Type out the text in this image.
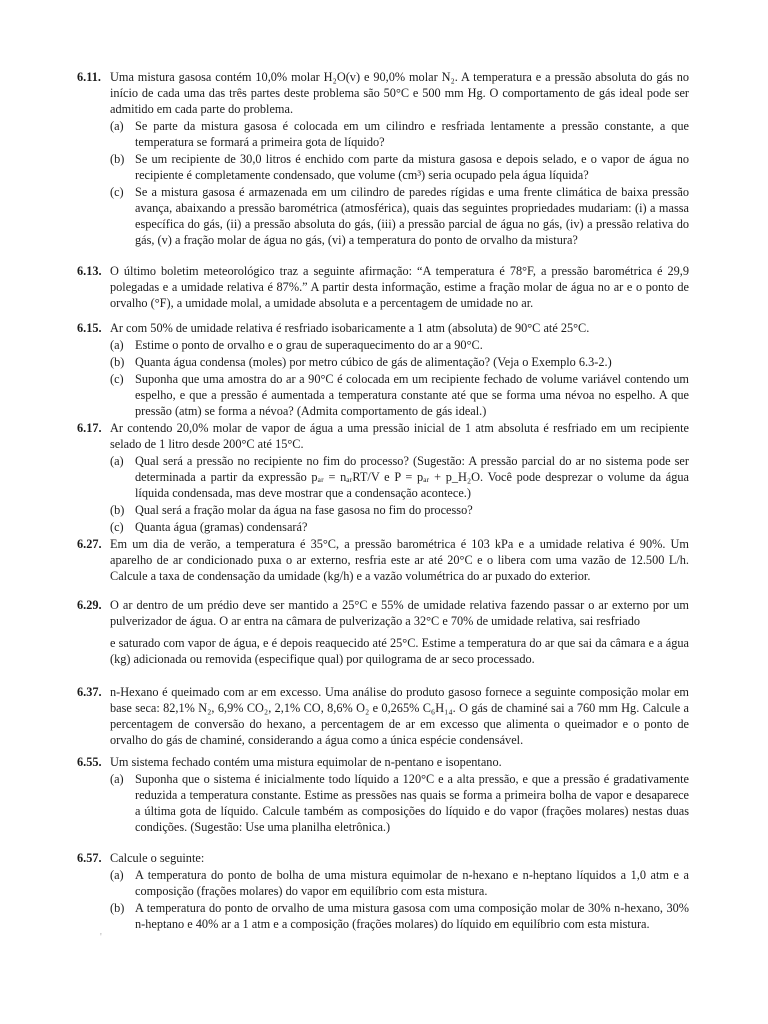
6.11. Uma mistura gasosa contém 10,0% molar H₂O(v) e 90,0% molar N₂. A temperatura e a pressão absoluta do gás no início de cada uma das três partes deste problema são 50°C e 500 mm Hg. O comportamento de gás ideal pode ser admitido em cada parte do problema.
(a) Se parte da mistura gasosa é colocada em um cilindro e resfriada lentamente a pressão constante, a que temperatura se formará a primeira gota de líquido?
(b) Se um recipiente de 30,0 litros é enchido com parte da mistura gasosa e depois selado, e o vapor de água no recipiente é completamente condensado, que volume (cm³) seria ocupado pela água líquida?
(c) Se a mistura gasosa é armazenada em um cilindro de paredes rígidas e uma frente climática de baixa pressão avança, abaixando a pressão barométrica (atmosférica), quais das seguintes propriedades mudariam: (i) a massa específica do gás, (ii) a pressão absoluta do gás, (iii) a pressão parcial de água no gás, (iv) a pressão relativa do gás, (v) a fração molar de água no gás, (vi) a temperatura do ponto de orvalho da mistura?
6.13. O último boletim meteorológico traz a seguinte afirmação: “A temperatura é 78°F, a pressão barométrica é 29,9 polegadas e a umidade relativa é 87%.” A partir desta informação, estime a fração molar de água no ar e o ponto de orvalho (°F), a umidade molal, a umidade absoluta e a percentagem de umidade no ar.
6.15. Ar com 50% de umidade relativa é resfriado isobaricamente a 1 atm (absoluta) de 90°C até 25°C.
(a) Estime o ponto de orvalho e o grau de superaquecimento do ar a 90°C.
(b) Quanta água condensa (moles) por metro cúbico de gás de alimentação? (Veja o Exemplo 6.3-2.)
(c) Suponha que uma amostra do ar a 90°C é colocada em um recipiente fechado de volume variável contendo um espelho, e que a pressão é aumentada a temperatura constante até que se forma uma névoa no espelho. A que pressão (atm) se forma a névoa? (Admita comportamento de gás ideal.)
6.17. Ar contendo 20,0% molar de vapor de água a uma pressão inicial de 1 atm absoluta é resfriado em um recipiente selado de 1 litro desde 200°C até 15°C.
(a) Qual será a pressão no recipiente no fim do processo? (Sugestão: A pressão parcial do ar no sistema pode ser determinada a partir da expressão pₐᵣ = nₐᵣRT/V e P = pₐᵣ + p_H₂O. Você pode desprezar o volume da água líquida condensada, mas deve mostrar que a condensação acontece.)
(b) Qual será a fração molar da água na fase gasosa no fim do processo?
(c) Quanta água (gramas) condensará?
6.27. Em um dia de verão, a temperatura é 35°C, a pressão barométrica é 103 kPa e a umidade relativa é 90%. Um aparelho de ar condicionado puxa o ar externo, resfria este ar até 20°C e o libera com uma vazão de 12.500 L/h. Calcule a taxa de condensação da umidade (kg/h) e a vazão volumétrica do ar puxado do exterior.
6.29. O ar dentro de um prédio deve ser mantido a 25°C e 55% de umidade relativa fazendo passar o ar externo por um pulverizador de água. O ar entra na câmara de pulverização a 32°C e 70% de umidade relativa, sai resfriado
e saturado com vapor de água, e é depois reaquecido até 25°C. Estime a temperatura do ar que sai da câmara e a água (kg) adicionada ou removida (especifique qual) por quilograma de ar seco processado.
6.37. n-Hexano é queimado com ar em excesso. Uma análise do produto gasoso fornece a seguinte composição molar em base seca: 82,1% N₂, 6,9% CO₂, 2,1% CO, 8,6% O₂ e 0,265% C₆H₁₄. O gás de chaminé sai a 760 mm Hg. Calcule a percentagem de conversão do hexano, a percentagem de ar em excesso que alimenta o queimador e o ponto de orvalho do gás de chaminé, considerando a água como a única espécie condensável.
6.55. Um sistema fechado contém uma mistura equimolar de n-pentano e isopentano.
(a) Suponha que o sistema é inicialmente todo líquido a 120°C e a alta pressão, e que a pressão é gradativamente reduzida a temperatura constante. Estime as pressões nas quais se forma a primeira bolha de vapor e desaparece a última gota de líquido. Calcule também as composições do líquido e do vapor (frações molares) nestas duas condições. (Sugestão: Use uma planilha eletrônica.)
6.57. Calcule o seguinte:
(a) A temperatura do ponto de bolha de uma mistura equimolar de n-hexano e n-heptano líquidos a 1,0 atm e a composição (frações molares) do vapor em equilíbrio com esta mistura.
(b) A temperatura do ponto de orvalho de uma mistura gasosa com uma composição molar de 30% n-hexano, 30% n-heptano e 40% ar a 1 atm e a composição (frações molares) do líquido em equilíbrio com esta mistura.
'
